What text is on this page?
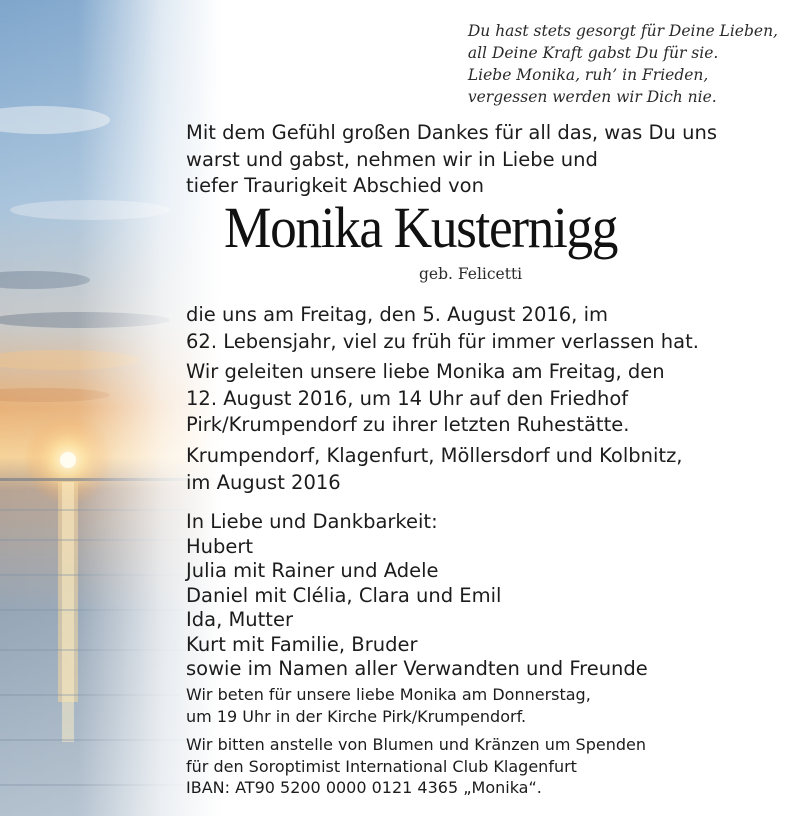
Du hast stets gesorgt für Deine Lieben,
all Deine Kraft gabst Du für sie.
Liebe Monika, ruh’ in Frieden,
vergessen werden wir Dich nie.
Mit dem Gefühl großen Dankes für all das, was Du uns
warst und gabst, nehmen wir in Liebe und
tiefer Traurigkeit Abschied von
Monika Kusternigg
geb. Felicetti
die uns am Freitag, den 5. August 2016, im
62. Lebensjahr, viel zu früh für immer verlassen hat.
Wir geleiten unsere liebe Monika am Freitag, den
12. August 2016, um 14 Uhr auf den Friedhof
Pirk/Krumpendorf zu ihrer letzten Ruhestätte.
Krumpendorf, Klagenfurt, Möllersdorf und Kolbnitz,
im August 2016
In Liebe und Dankbarkeit:
Hubert
Julia mit Rainer und Adele
Daniel mit Clélia, Clara und Emil
Ida, Mutter
Kurt mit Familie, Bruder
sowie im Namen aller Verwandten und Freunde
Wir beten für unsere liebe Monika am Donnerstag,
um 19 Uhr in der Kirche Pirk/Krumpendorf.
Wir bitten anstelle von Blumen und Kränzen um Spenden
für den Soroptimist International Club Klagenfurt
IBAN: AT90 5200 0000 0121 4365 „Monika“.
